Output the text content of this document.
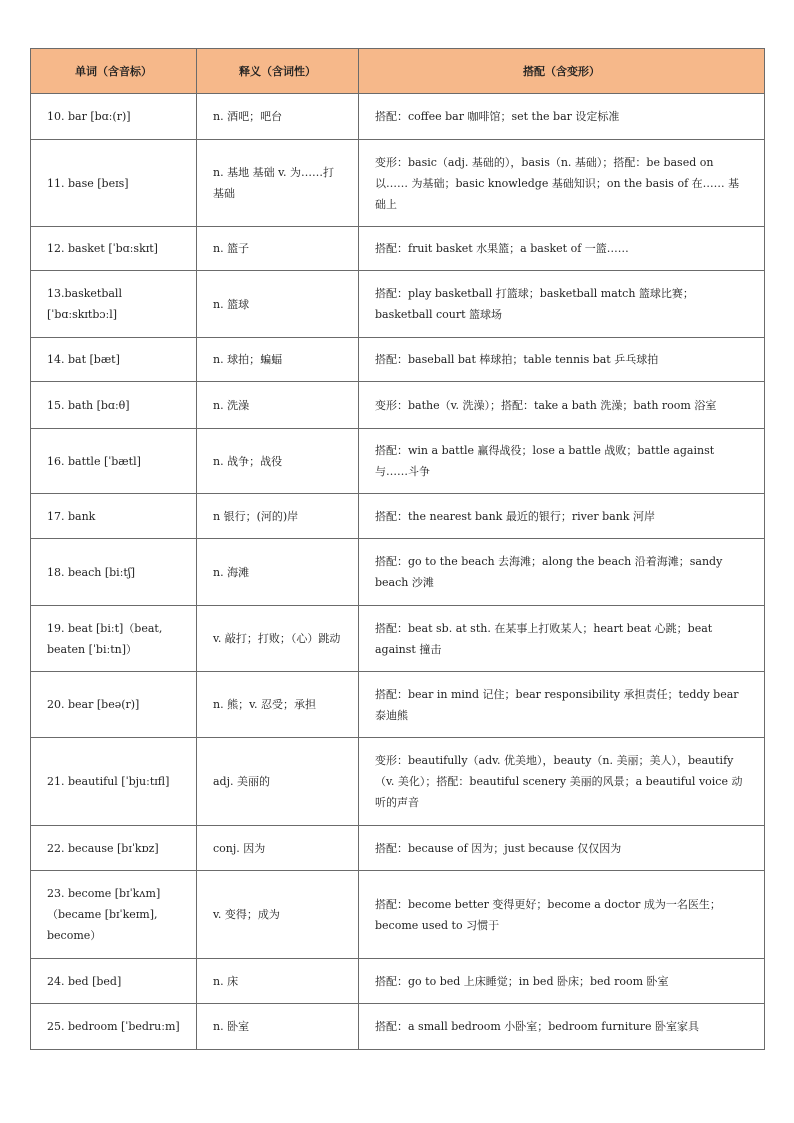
单词（含音标）	释义（含词性）	搭配（含变形）
10. bar [bɑː(r)]	n. 酒吧；吧台	搭配：coffee bar 咖啡馆；set the bar 设定标准
11. base [beɪs]	n. 基地 基础 v. 为……打基础	变形：basic（adj. 基础的），basis（n. 基础）；搭配：be based on 以…… 为基础；basic knowledge 基础知识；on the basis of 在…… 基础上
12. basket [ˈbɑːskɪt]	n. 篮子	搭配：fruit basket 水果篮；a basket of 一篮……
13.basketball [ˈbɑːskɪtbɔːl]	n. 篮球	搭配：play basketball 打篮球；basketball match 篮球比赛；basketball court 篮球场
14. bat [bæt]	n. 球拍；蝙蝠	搭配：baseball bat 棒球拍；table tennis bat 乒乓球拍
15. bath [bɑːθ]	n. 洗澡	变形：bathe（v. 洗澡）；搭配：take a bath 洗澡；bath room 浴室
16. battle [ˈbætl]	n. 战争；战役	搭配：win a battle 赢得战役；lose a battle 战败；battle against 与……斗争
17. bank	n 银行；(河的)岸	搭配：the nearest bank 最近的银行；river bank 河岸
18. beach [biːtʃ]	n. 海滩	搭配：go to the beach 去海滩；along the beach 沿着海滩；sandy beach 沙滩
19. beat [biːt]（beat, beaten [ˈbiːtn]）	v. 敲打；打败；（心）跳动	搭配：beat sb. at sth. 在某事上打败某人；heart beat 心跳；beat against 撞击
20. bear [beə(r)]	n. 熊；v. 忍受；承担	搭配：bear in mind 记住；bear responsibility 承担责任；teddy bear 泰迪熊
21. beautiful [ˈbjuːtɪfl]	adj. 美丽的	变形：beautifully（adv. 优美地），beauty（n. 美丽；美人），beautify（v. 美化）；搭配：beautiful scenery 美丽的风景；a beautiful voice 动听的声音
22. because [bɪˈkɒz]	conj. 因为	搭配：because of 因为；just because 仅仅因为
23. become [bɪˈkʌm]（became [bɪˈkeɪm], become）	v. 变得；成为	搭配：become better 变得更好；become a doctor 成为一名医生；become used to 习惯于
24. bed [bed]	n. 床	搭配：go to bed 上床睡觉；in bed 卧床；bed room 卧室
25. bedroom [ˈbedruːm]	n. 卧室	搭配：a small bedroom 小卧室；bedroom furniture 卧室家具
